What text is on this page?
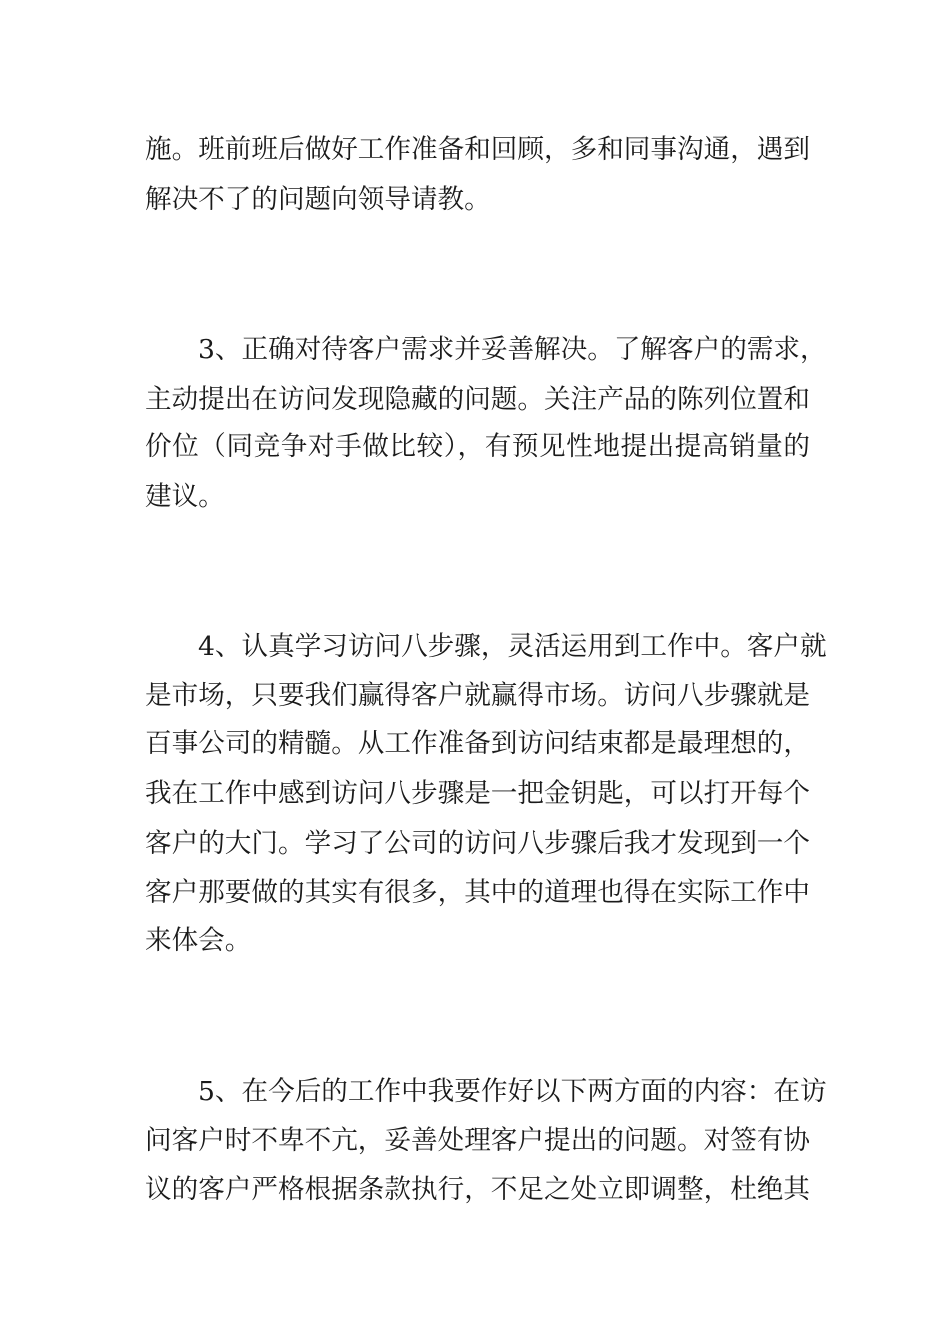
施。班前班后做好工作准备和回顾，多和同事沟通，遇到
解决不了的问题向领导请教。
3、正确对待客户需求并妥善解决。了解客户的需求，
主动提出在访问发现隐藏的问题。关注产品的陈列位置和
价位（同竞争对手做比较），有预见性地提出提高销量的
建议。
4、认真学习访问八步骤，灵活运用到工作中。客户就
是市场，只要我们赢得客户就赢得市场。访问八步骤就是
百事公司的精髓。从工作准备到访问结束都是最理想的，
我在工作中感到访问八步骤是一把金钥匙，可以打开每个
客户的大门。学习了公司的访问八步骤后我才发现到一个
客户那要做的其实有很多，其中的道理也得在实际工作中
来体会。
5、在今后的工作中我要作好以下两方面的内容：在访
问客户时不卑不亢，妥善处理客户提出的问题。对签有协
议的客户严格根据条款执行，不足之处立即调整，杜绝其
